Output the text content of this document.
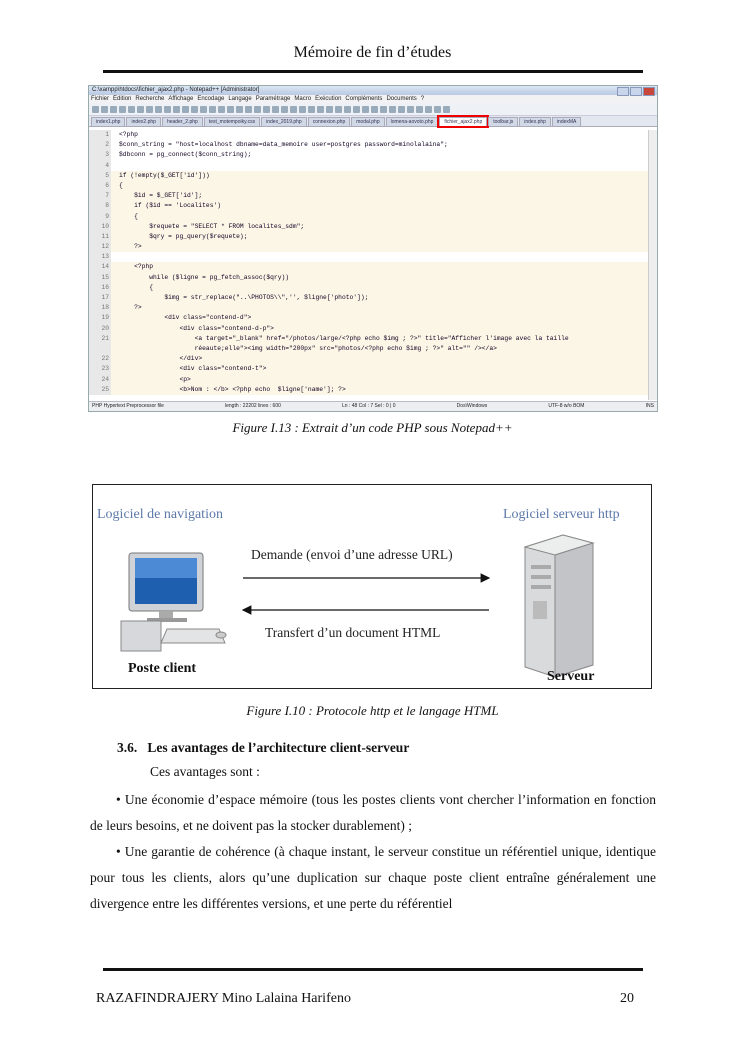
Mémoire de fin d’études
C:\xampp\htdocs\fichier_ajax2.php - Notepad++ [Administrator]
Fichier Édition Recherche Affichage Encodage Langage Paramétrage Macro Exécution Compléments Documents ?
index1.php	index2.php	header_2.php	test_motempoiky.css	index_2019.php	connexion.php	modal.php	lomena-aovoto.php	fichier_ajax2.php	toolbar.js	index.php	indexMA
1	<?php
2	$conn_string = "host=localhost dbname=data_memoire user=postgres password=minolalaina";
3	$dbconn = pg_connect($conn_string);
4
5	if (!empty($_GET['id']))
6	{
7	$id = $_GET['id'];
8	if ($id == 'Localites')
9	{
10	$requete = "SELECT * FROM localites_sdm";
11	$qry = pg_query($requete);
12	?>
13
14	<?php
15	while ($ligne = pg_fetch_assoc($qry))
16	{
17	$img = str_replace("..\PHOTOS\\",'', $ligne['photo']);
18	?>
19	<div class="contend-d">
20	<div class="contend-d-p">
21	<a target="_blank" href="/photos/large/<?php echo $img ; ?>" title="Afficher l'image avec la taille
réeaute;elle"><img width="200px" src="photos/<?php echo $img ; ?>" alt="" /></a>
22	</div>
23	<div class="contend-t">
24	<p>
25	<b>Nom : </b> <?php echo  $ligne['name']; ?>
PHP Hypertext Preprocessor file	length : 22202 lines : 600	Ln : 48 Col : 7 Sel : 0 | 0	Dos\Windows	UTF-8 w/o BOM	INS
Figure I.13 : Extrait d’un code PHP sous Notepad++
Logiciel de navigation	Logiciel serveur http
Demande (envoi d’une adresse URL)
Transfert d’un document HTML
Poste client
Serveur
Figure I.10 : Protocole http et le langage HTML
3.6.   Les avantages de l’architecture client-serveur
Ces avantages sont :
• Une économie d’espace mémoire (tous les postes clients vont chercher l’information en fonction de leurs besoins, et ne doivent pas la stocker durablement) ;
• Une garantie de cohérence (à chaque instant, le serveur constitue un référentiel unique, identique pour tous les clients, alors qu’une duplication sur chaque poste client entraîne généralement une divergence entre les différentes versions, et une perte du référentiel
RAZAFINDRAJERY Mino Lalaina Harifeno	20
